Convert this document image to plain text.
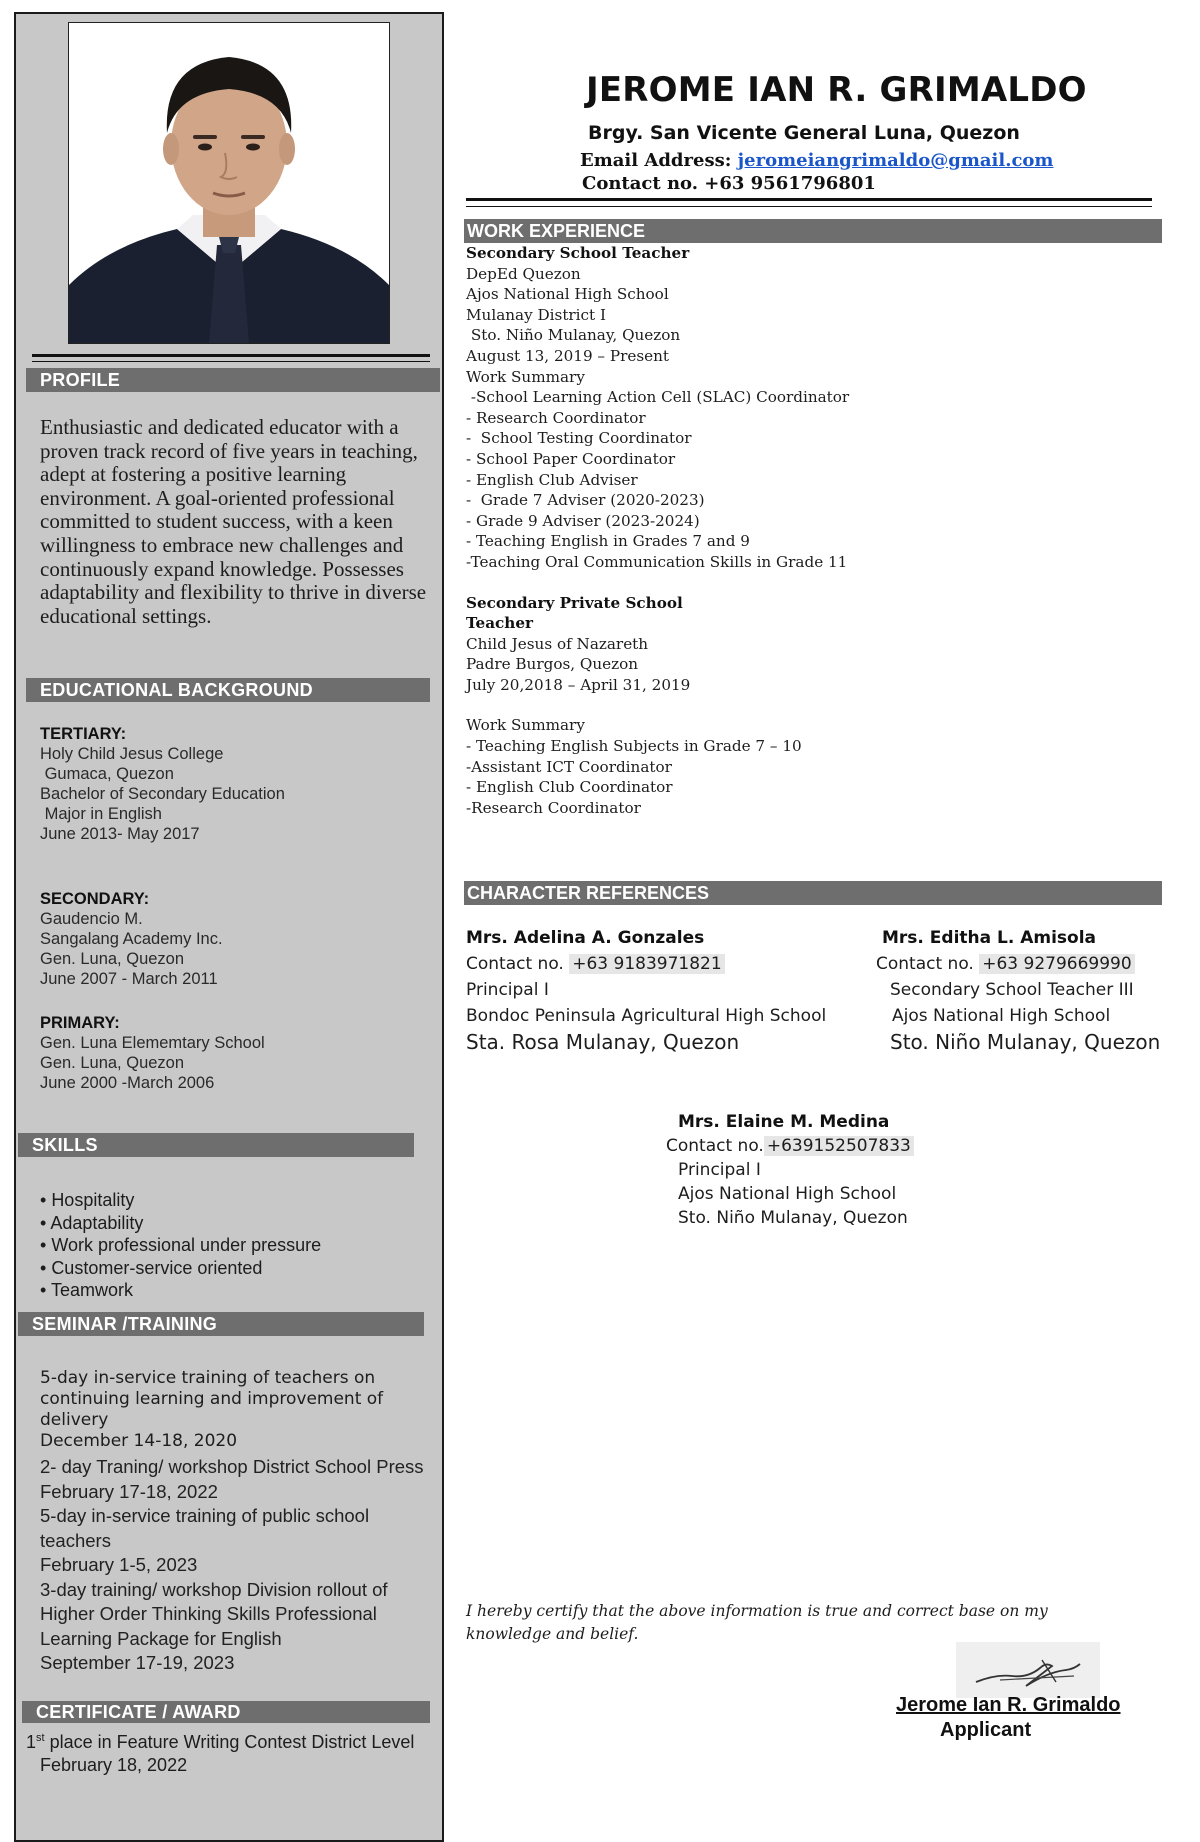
PROFILE
Enthusiastic and dedicated educator with a proven track record of five years in teaching, adept at fostering a positive learning environment. A goal-oriented professional committed to student success, with a keen willingness to embrace new challenges and continuously expand knowledge. Possesses adaptability and flexibility to thrive in diverse educational settings.
EDUCATIONAL BACKGROUND
TERTIARY:
Holy Child Jesus College
Gumaca, Quezon
Bachelor of Secondary Education
Major in English
June 2013- May 2017
SECONDARY:
Gaudencio M.
Sangalang Academy Inc.
Gen. Luna, Quezon
June 2007 - March 2011
PRIMARY:
Gen. Luna Elememtary School
Gen. Luna, Quezon
June 2000 -March 2006
SKILLS
• Hospitality
• Adaptability
• Work professional under pressure
• Customer-service oriented
• Teamwork
SEMINAR /TRAINING
5-day in-service training of teachers on continuing learning and improvement of delivery
December 14-18, 2020
2- day Traning/ workshop District School Press
February 17-18, 2022
5-day in-service training of public school teachers
February 1-5, 2023
3-day training/ workshop Division rollout of Higher Order Thinking Skills Professional Learning Package for English
September 17-19, 2023
CERTIFICATE / AWARD
1st place in Feature Writing Contest District Level
February 18, 2022
JEROME IAN R. GRIMALDO
Brgy. San Vicente General Luna, Quezon
Email Address: jeromeiangrimaldo@gmail.com
Contact no. +63 9561796801
WORK EXPERIENCE
Secondary School Teacher
DepEd Quezon
Ajos National High School
Mulanay District I
Sto. Niño Mulanay, Quezon
August 13, 2019 – Present
Work Summary
-School Learning Action Cell (SLAC) Coordinator
- Research Coordinator
-  School Testing Coordinator
- School Paper Coordinator
- English Club Adviser
-  Grade 7 Adviser (2020-2023)
- Grade 9 Adviser (2023-2024)
- Teaching English in Grades 7 and 9
-Teaching Oral Communication Skills in Grade 11
Secondary Private School
Teacher
Child Jesus of Nazareth
Padre Burgos, Quezon
July 20,2018 – April 31, 2019
Work Summary
- Teaching English Subjects in Grade 7 – 10
-Assistant ICT Coordinator
- English Club Coordinator
-Research Coordinator
CHARACTER REFERENCES
Mrs. Adelina A. Gonzales
Contact no. +63 9183971821
Principal I
Bondoc Peninsula Agricultural High School
Sta. Rosa Mulanay, Quezon
Mrs. Editha L. Amisola
Contact no. +63 9279669990
Secondary School Teacher III
Ajos National High School
Sto. Niño Mulanay, Quezon
Mrs. Elaine M. Medina
Contact no. +639152507833
Principal I
Ajos National High School
Sto. Niño Mulanay, Quezon
I hereby certify that the above information is true and correct base on my knowledge and belief.
Jerome Ian R. Grimaldo
Applicant
